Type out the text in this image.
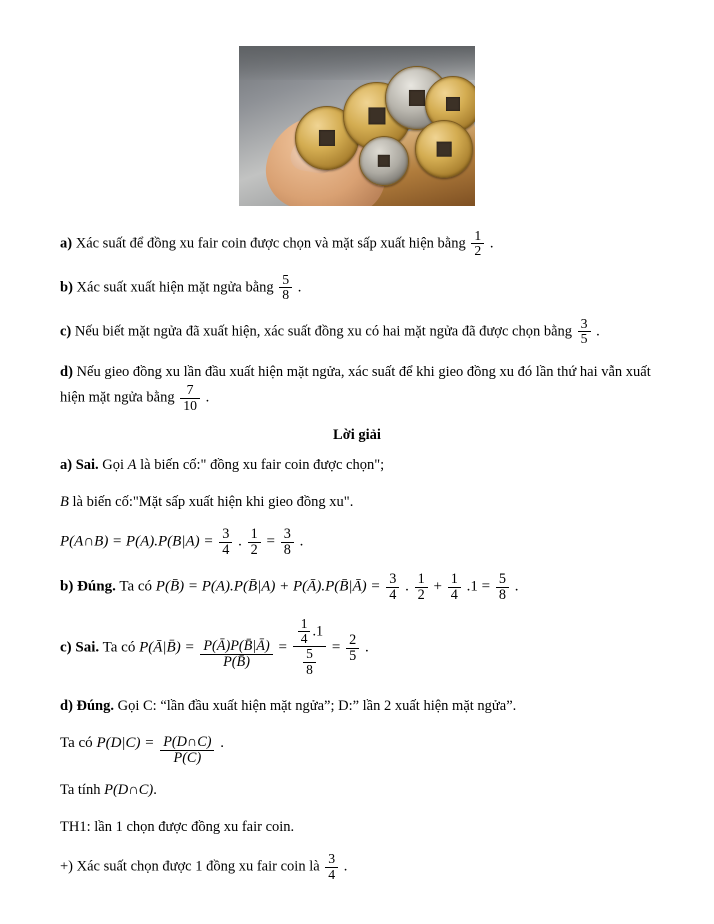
a) Xác suất để đồng xu fair coin được chọn và mặt sấp xuất hiện bằng $\frac{1}{2}$ .

b) Xác suất xuất hiện mặt ngửa bằng $\frac{5}{8}$ .

c) Nếu biết mặt ngửa đã xuất hiện, xác suất đồng xu có hai mặt ngửa đã được chọn bằng $\frac{3}{5}$ .

d) Nếu gieo đồng xu lần đầu xuất hiện mặt ngửa, xác suất để khi gieo đồng xu đó lần thứ hai vẫn xuất hiện mặt ngửa bằng $\frac{7}{10}$ .

Lời giải

a) Sai. Gọi A là biến cố:" đồng xu fair coin được chọn";

B là biến cố:"Mặt sấp xuất hiện khi gieo đồng xu".

P(A∩B) = $P(A).P(B|A) = \frac{3}{4}$ . $\frac{1}{2} = \frac{3}{8}$ .

b) Đúng. Ta có P(B̄) = P(A).P(B̄|A) + P(Ā).P(B̄|Ā) = $\frac{3}{4}$ . $\frac{1}{2} + \frac{1}{4} .1 = \frac{5}{8}$ .

c) Sai. Ta có P(Ā|B̄) = $\frac{P(Ā)P(B̄|Ā)}{P(B̄)} = \frac{\frac{1}{4} .1}{\frac{5}{8}} = \frac{2}{5}$ .

d) Đúng. Gọi C: “lần đầu xuất hiện mặt ngửa”; D:” lần 2 xuất hiện mặt ngửa”.

Ta có $P(D|C) = \frac{P(D\cap C)}{P(C)}$ .

Ta tính P(D∩C).

TH1: lần 1 chọn được đồng xu fair coin.

+) Xác suất chọn được 1 đồng xu fair coin là $\frac{3}{4}$ .
